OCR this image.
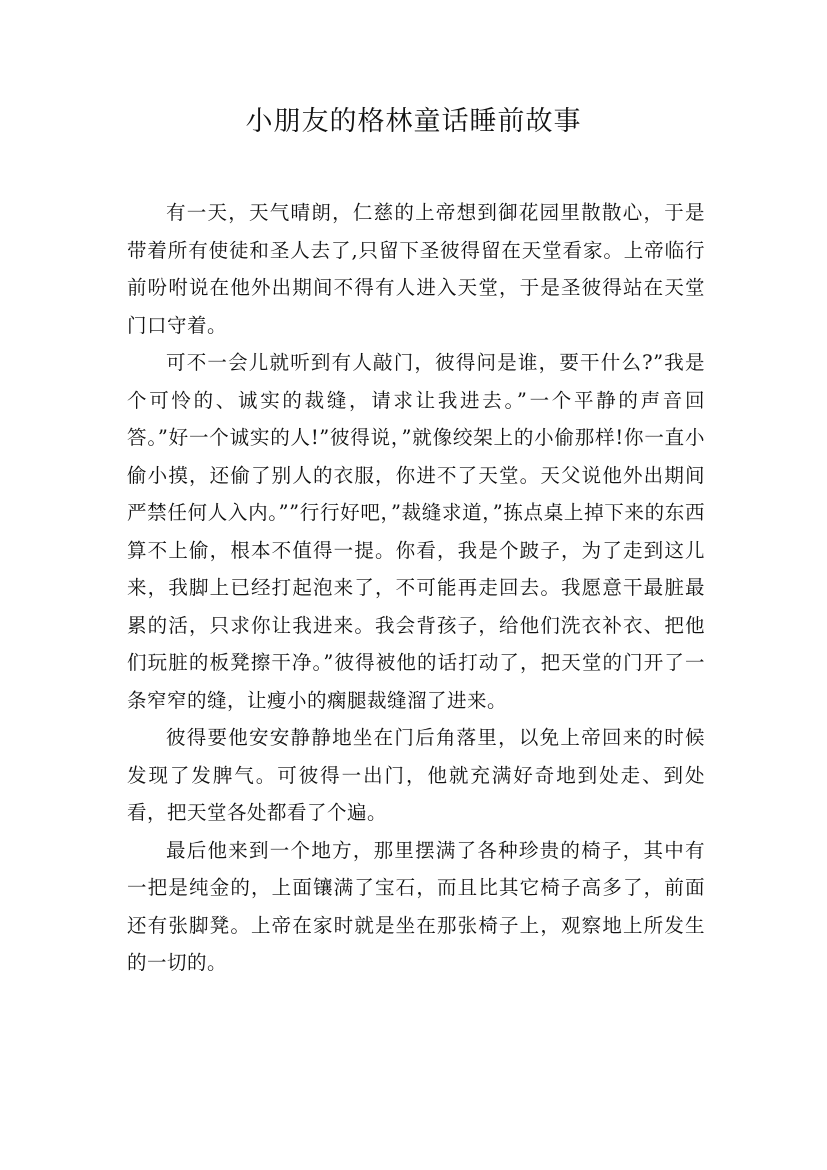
小朋友的格林童话睡前故事

有一天，天气晴朗，仁慈的上帝想到御花园里散散心，于是带着所有使徒和圣人去了,只留下圣彼得留在天堂看家。上帝临行前吩咐说在他外出期间不得有人进入天堂，于是圣彼得站在天堂门口守着。

可不一会儿就听到有人敲门，彼得问是谁，要干什么?”我是个可怜的、诚实的裁缝，请求让我进去。”一个平静的声音回答。”好一个诚实的人!”彼得说，”就像绞架上的小偷那样!你一直小偷小摸，还偷了别人的衣服，你进不了天堂。天父说他外出期间严禁任何人入内。””行行好吧，”裁缝求道，”拣点桌上掉下来的东西算不上偷，根本不值得一提。你看，我是个跛子，为了走到这儿来，我脚上已经打起泡来了，不可能再走回去。我愿意干最脏最累的活，只求你让我进来。我会背孩子，给他们洗衣补衣、把他们玩脏的板凳擦干净。”彼得被他的话打动了，把天堂的门开了一条窄窄的缝，让瘦小的瘸腿裁缝溜了进来。

彼得要他安安静静地坐在门后角落里，以免上帝回来的时候发现了发脾气。可彼得一出门，他就充满好奇地到处走、到处看，把天堂各处都看了个遍。

最后他来到一个地方，那里摆满了各种珍贵的椅子，其中有一把是纯金的，上面镶满了宝石，而且比其它椅子高多了，前面还有张脚凳。上帝在家时就是坐在那张椅子上，观察地上所发生的一切的。
